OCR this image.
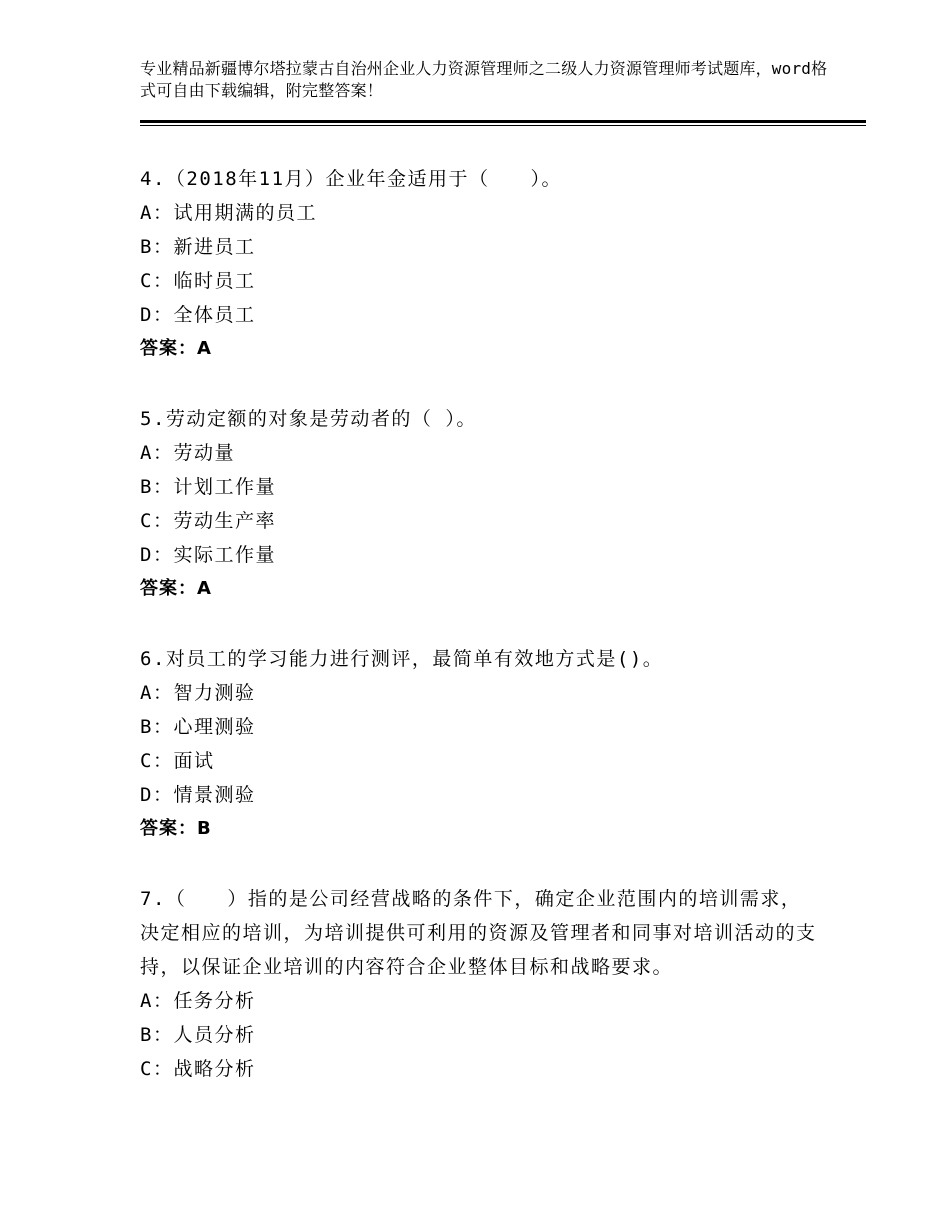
专业精品新疆博尔塔拉蒙古自治州企业人力资源管理师之二级人力资源管理师考试题库，word格式可自由下载编辑，附完整答案！
4.（2018年11月）企业年金适用于（　　）。
A：试用期满的员工
B：新进员工
C：临时员工
D：全体员工
答案：A
5.劳动定额的对象是劳动者的（ ）。
A：劳动量
B：计划工作量
C：劳动生产率
D：实际工作量
答案：A
6.对员工的学习能力进行测评，最简单有效地方式是()。
A：智力测验
B：心理测验
C：面试
D：情景测验
答案：B
7.（　　）指的是公司经营战略的条件下，确定企业范围内的培训需求，决定相应的培训，为培训提供可利用的资源及管理者和同事对培训活动的支持，以保证企业培训的内容符合企业整体目标和战略要求。
A：任务分析
B：人员分析
C：战略分析
